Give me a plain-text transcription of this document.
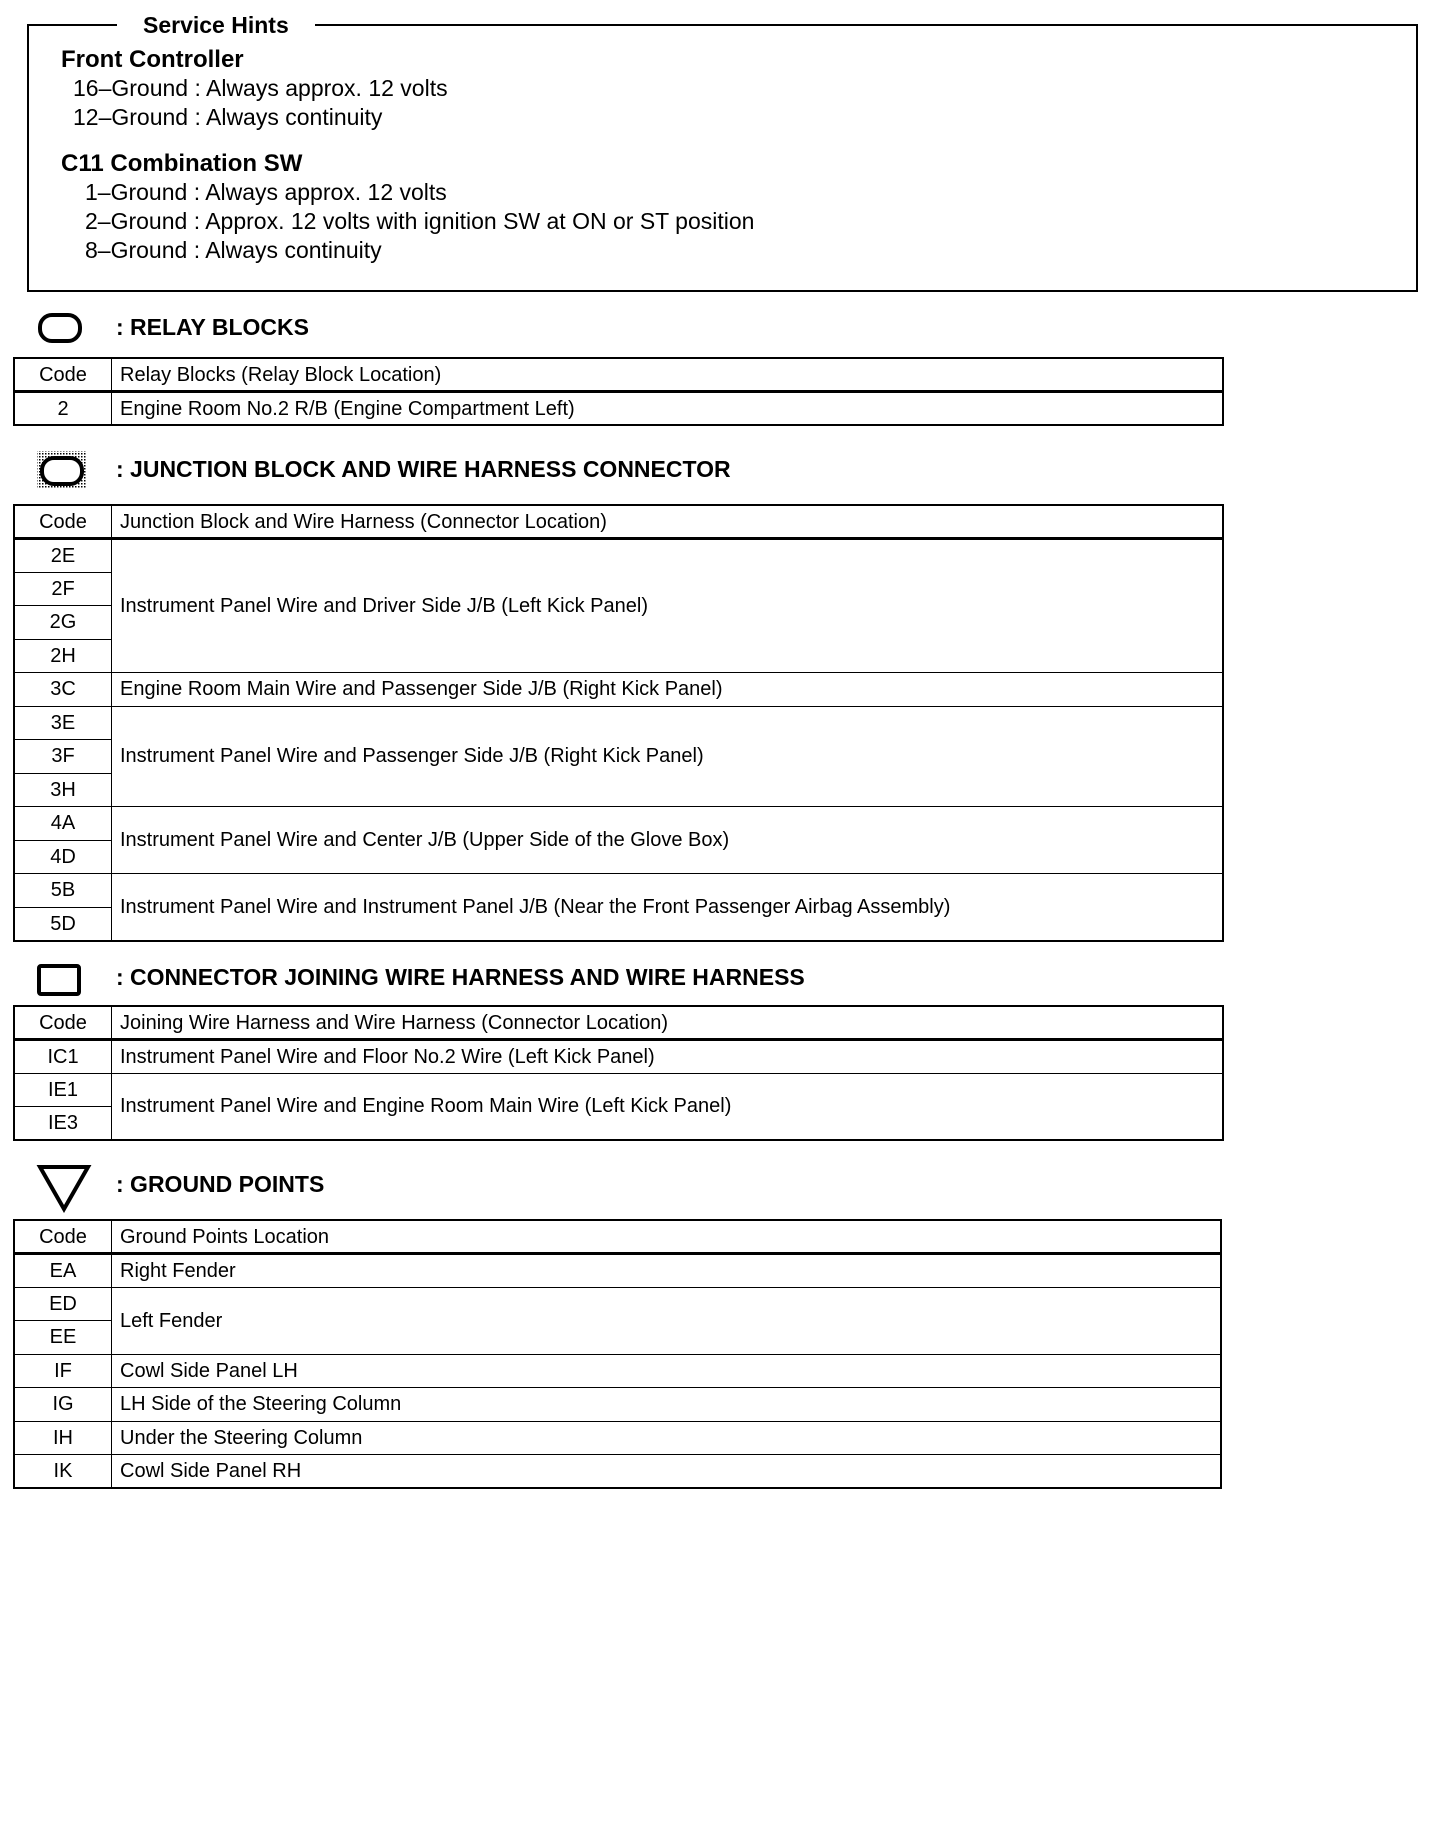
Service Hints

Front Controller

16–Ground : Always approx. 12 volts

12–Ground : Always continuity

C11 Combination SW

1–Ground : Always approx. 12 volts

2–Ground : Approx. 12 volts with ignition SW at ON or ST position

8–Ground : Always continuity

: RELAY BLOCKS
Code	Relay Blocks (Relay Block Location)
2	Engine Room No.2 R/B (Engine Compartment Left)
: JUNCTION BLOCK AND WIRE HARNESS CONNECTOR
Code	Junction Block and Wire Harness (Connector Location)
2E	Instrument Panel Wire and Driver Side J/B (Left Kick Panel)
2F	
2G	
2H	
3C	Engine Room Main Wire and Passenger Side J/B (Right Kick Panel)
3E	Instrument Panel Wire and Passenger Side J/B (Right Kick Panel)
3F	
3H	
4A	Instrument Panel Wire and Center J/B (Upper Side of the Glove Box)
4D	
5B	Instrument Panel Wire and Instrument Panel J/B (Near the Front Passenger Airbag Assembly)
5D	
: CONNECTOR JOINING WIRE HARNESS AND WIRE HARNESS
Code	Joining Wire Harness and Wire Harness (Connector Location)
IC1	Instrument Panel Wire and Floor No.2 Wire (Left Kick Panel)
IE1	Instrument Panel Wire and Engine Room Main Wire (Left Kick Panel)
IE3	
: GROUND POINTS
Code	Ground Points Location
EA	Right Fender
ED	Left Fender
EE	
IF	Cowl Side Panel LH
IG	LH Side of the Steering Column
IH	Under the Steering Column
IK	Cowl Side Panel RH
